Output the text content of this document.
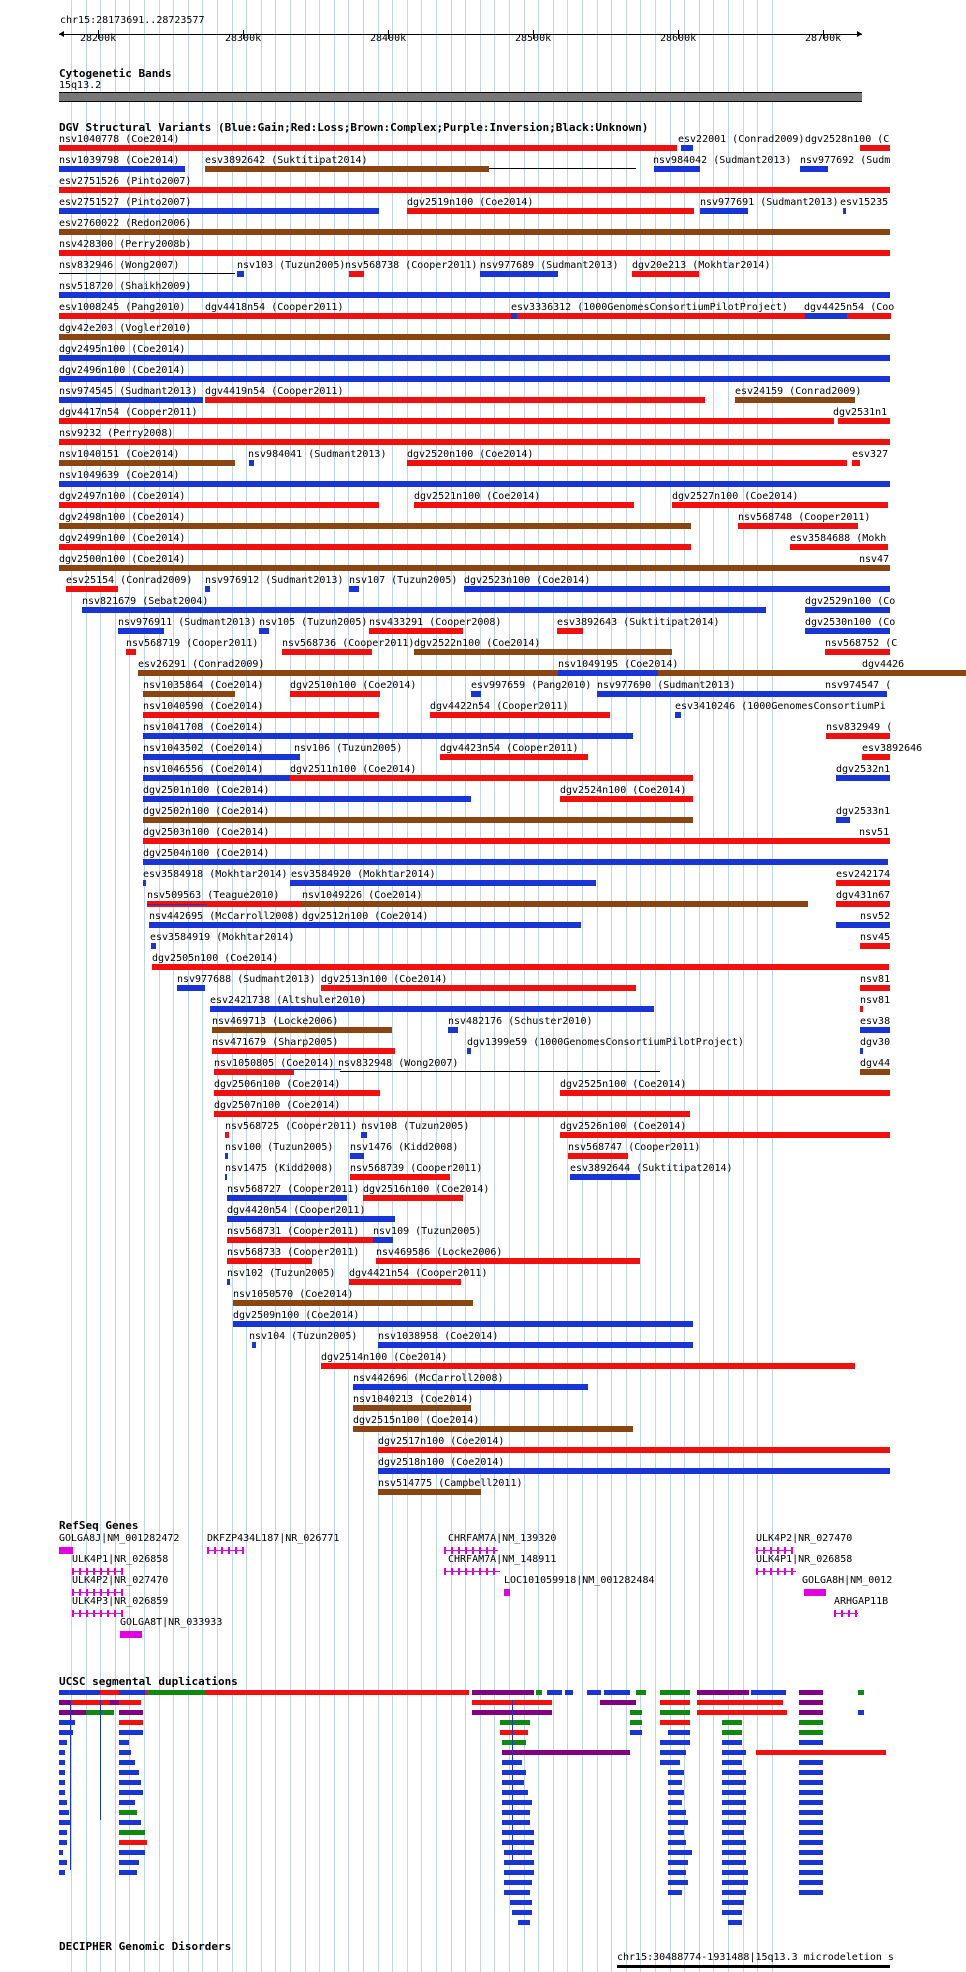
chr15:28173691..28723577
28200k	28300k	28400k	28500k	28600k	28700k
Cytogenetic Bands
15q13.2
DGV Structural Variants (Blue:Gain;Red:Loss;Brown:Complex;Purple:Inversion;Black:Unknown)
nsv1040778 (Coe2014)	esv22001 (Conrad2009) dgv2528n100 (C
nsv1039798 (Coe2014)	esv3892642 (Suktitipat2014)	nsv984042 (Sudmant2013) nsv977692 (Sudm
esv2751526 (Pinto2007)
esv2751527 (Pinto2007)	dgv2519n100 (Coe2014)	nsv977691 (Sudmant2013) esv15235
esv2760022 (Redon2006)
nsv428300 (Perry2008b)
nsv832946 (Wong2007)	nsv103 (Tuzun2005) nsv568738 (Cooper2011) nsv977689 (Sudmant2013) dgv20e213 (Mokhtar2014)
nsv518720 (Shaikh2009)
esv1008245 (Pang2010) dgv4418n54 (Cooper2011)	esv3336312 (1000GenomesConsortiumPilotProject) dgv4425n54 (Coo
dgv42e203 (Vogler2010)
dgv2495n100 (Coe2014)
dgv2496n100 (Coe2014)
nsv974545 (Sudmant2013) dgv4419n54 (Cooper2011)	esv24159 (Conrad2009)
dgv4417n54 (Cooper2011)	dgv2531n1
nsv9232 (Perry2008)
nsv1040151 (Coe2014)	nsv984041 (Sudmant2013) dgv2520n100 (Coe2014)	esv327
nsv1049639 (Coe2014)
dgv2497n100 (Coe2014)	dgv2521n100 (Coe2014)	dgv2527n100 (Coe2014)
dgv2498n100 (Coe2014)	nsv568748 (Cooper2011)
dgv2499n100 (Coe2014)	esv3584688 (Mokh
dgv2500n100 (Coe2014)	nsv47
esv25154 (Conrad2009) nsv976912 (Sudmant2013) nsv107 (Tuzun2005) dgv2523n100 (Coe2014)
nsv821679 (Sebat2004)	dgv2529n100 (Co
nsv976911 (Sudmant2013) nsv105 (Tuzun2005) nsv433291 (Cooper2008)	esv3892643 (Suktitipat2014)	dgv2530n100 (Co
nsv568719 (Cooper2011) nsv568736 (Cooper2011) dgv2522n100 (Coe2014)	nsv568752 (C
esv26291 (Conrad2009)	nsv1049195 (Coe2014)	dgv4426
nsv1035864 (Coe2014)	dgv2510n100 (Coe2014)	esv997659 (Pang2010) nsv977690 (Sudmant2013)	nsv974547 (
nsv1040590 (Coe2014)	dgv4422n54 (Cooper2011)	esv3410246 (1000GenomesConsortiumPi
nsv1041708 (Coe2014)	nsv832949 (
nsv1043502 (Coe2014)	nsv106 (Tuzun2005)	dgv4423n54 (Cooper2011)	esv3892646
nsv1046556 (Coe2014)	dgv2511n100 (Coe2014)	dgv2532n1
dgv2501n100 (Coe2014)	dgv2524n100 (Coe2014)
dgv2502n100 (Coe2014)	dgv2533n1
dgv2503n100 (Coe2014)	nsv51
dgv2504n100 (Coe2014)
esv3584918 (Mokhtar2014) esv3584920 (Mokhtar2014)	esv242174
nsv509563 (Teague2010) nsv1049226 (Coe2014)	dgv431n67
nsv442695 (McCarroll2008) dgv2512n100 (Coe2014)	nsv52
esv3584919 (Mokhtar2014)	nsv45
dgv2505n100 (Coe2014)
nsv977688 (Sudmant2013) dgv2513n100 (Coe2014)	nsv81
esv2421738 (Altshuler2010)	nsv81
nsv469713 (Locke2006)	nsv482176 (Schuster2010)	esv38
nsv471679 (Sharp2005)	dgv1399e59 (1000GenomesConsortiumPilotProject)	dgv30
nsv1050805 (Coe2014) nsv832948 (Wong2007)	dgv44
dgv2506n100 (Coe2014)	dgv2525n100 (Coe2014)
dgv2507n100 (Coe2014)
nsv568725 (Cooper2011) nsv108 (Tuzun2005)	dgv2526n100 (Coe2014)
nsv100 (Tuzun2005) nsv1476 (Kidd2008)	nsv568747 (Cooper2011)
nsv1475 (Kidd2008) nsv568739 (Cooper2011)	esv3892644 (Suktitipat2014)
nsv568727 (Cooper2011) dgv2516n100 (Coe2014)
dgv4420n54 (Cooper2011)
nsv568731 (Cooper2011) nsv109 (Tuzun2005)
nsv568733 (Cooper2011) nsv469586 (Locke2006)
nsv102 (Tuzun2005) dgv4421n54 (Cooper2011)
nsv1050570 (Coe2014)
dgv2509n100 (Coe2014)
nsv104 (Tuzun2005) nsv1038958 (Coe2014)
dgv2514n100 (Coe2014)
nsv442696 (McCarroll2008)
nsv1040213 (Coe2014)
dgv2515n100 (Coe2014)
dgv2517n100 (Coe2014)
dgv2518n100 (Coe2014)
nsv514775 (Campbell2011)
RefSeq Genes
GOLGA8J|NM_001282472	DKFZP434L187|NR_026771	CHRFAM7A|NM_139320	ULK4P2|NR_027470
ULK4P1|NR_026858	CHRFAM7A|NM_148911	ULK4P1|NR_026858
ULK4P2|NR_027470	LOC101059918|NM_001282484	GOLGA8H|NM_0012
ULK4P3|NR_026859	ARHGAP11B
GOLGA8T|NR_033933
UCSC segmental duplications
DECIPHER Genomic Disorders
chr15:30488774-1931488|15q13.3 microdeletion s
